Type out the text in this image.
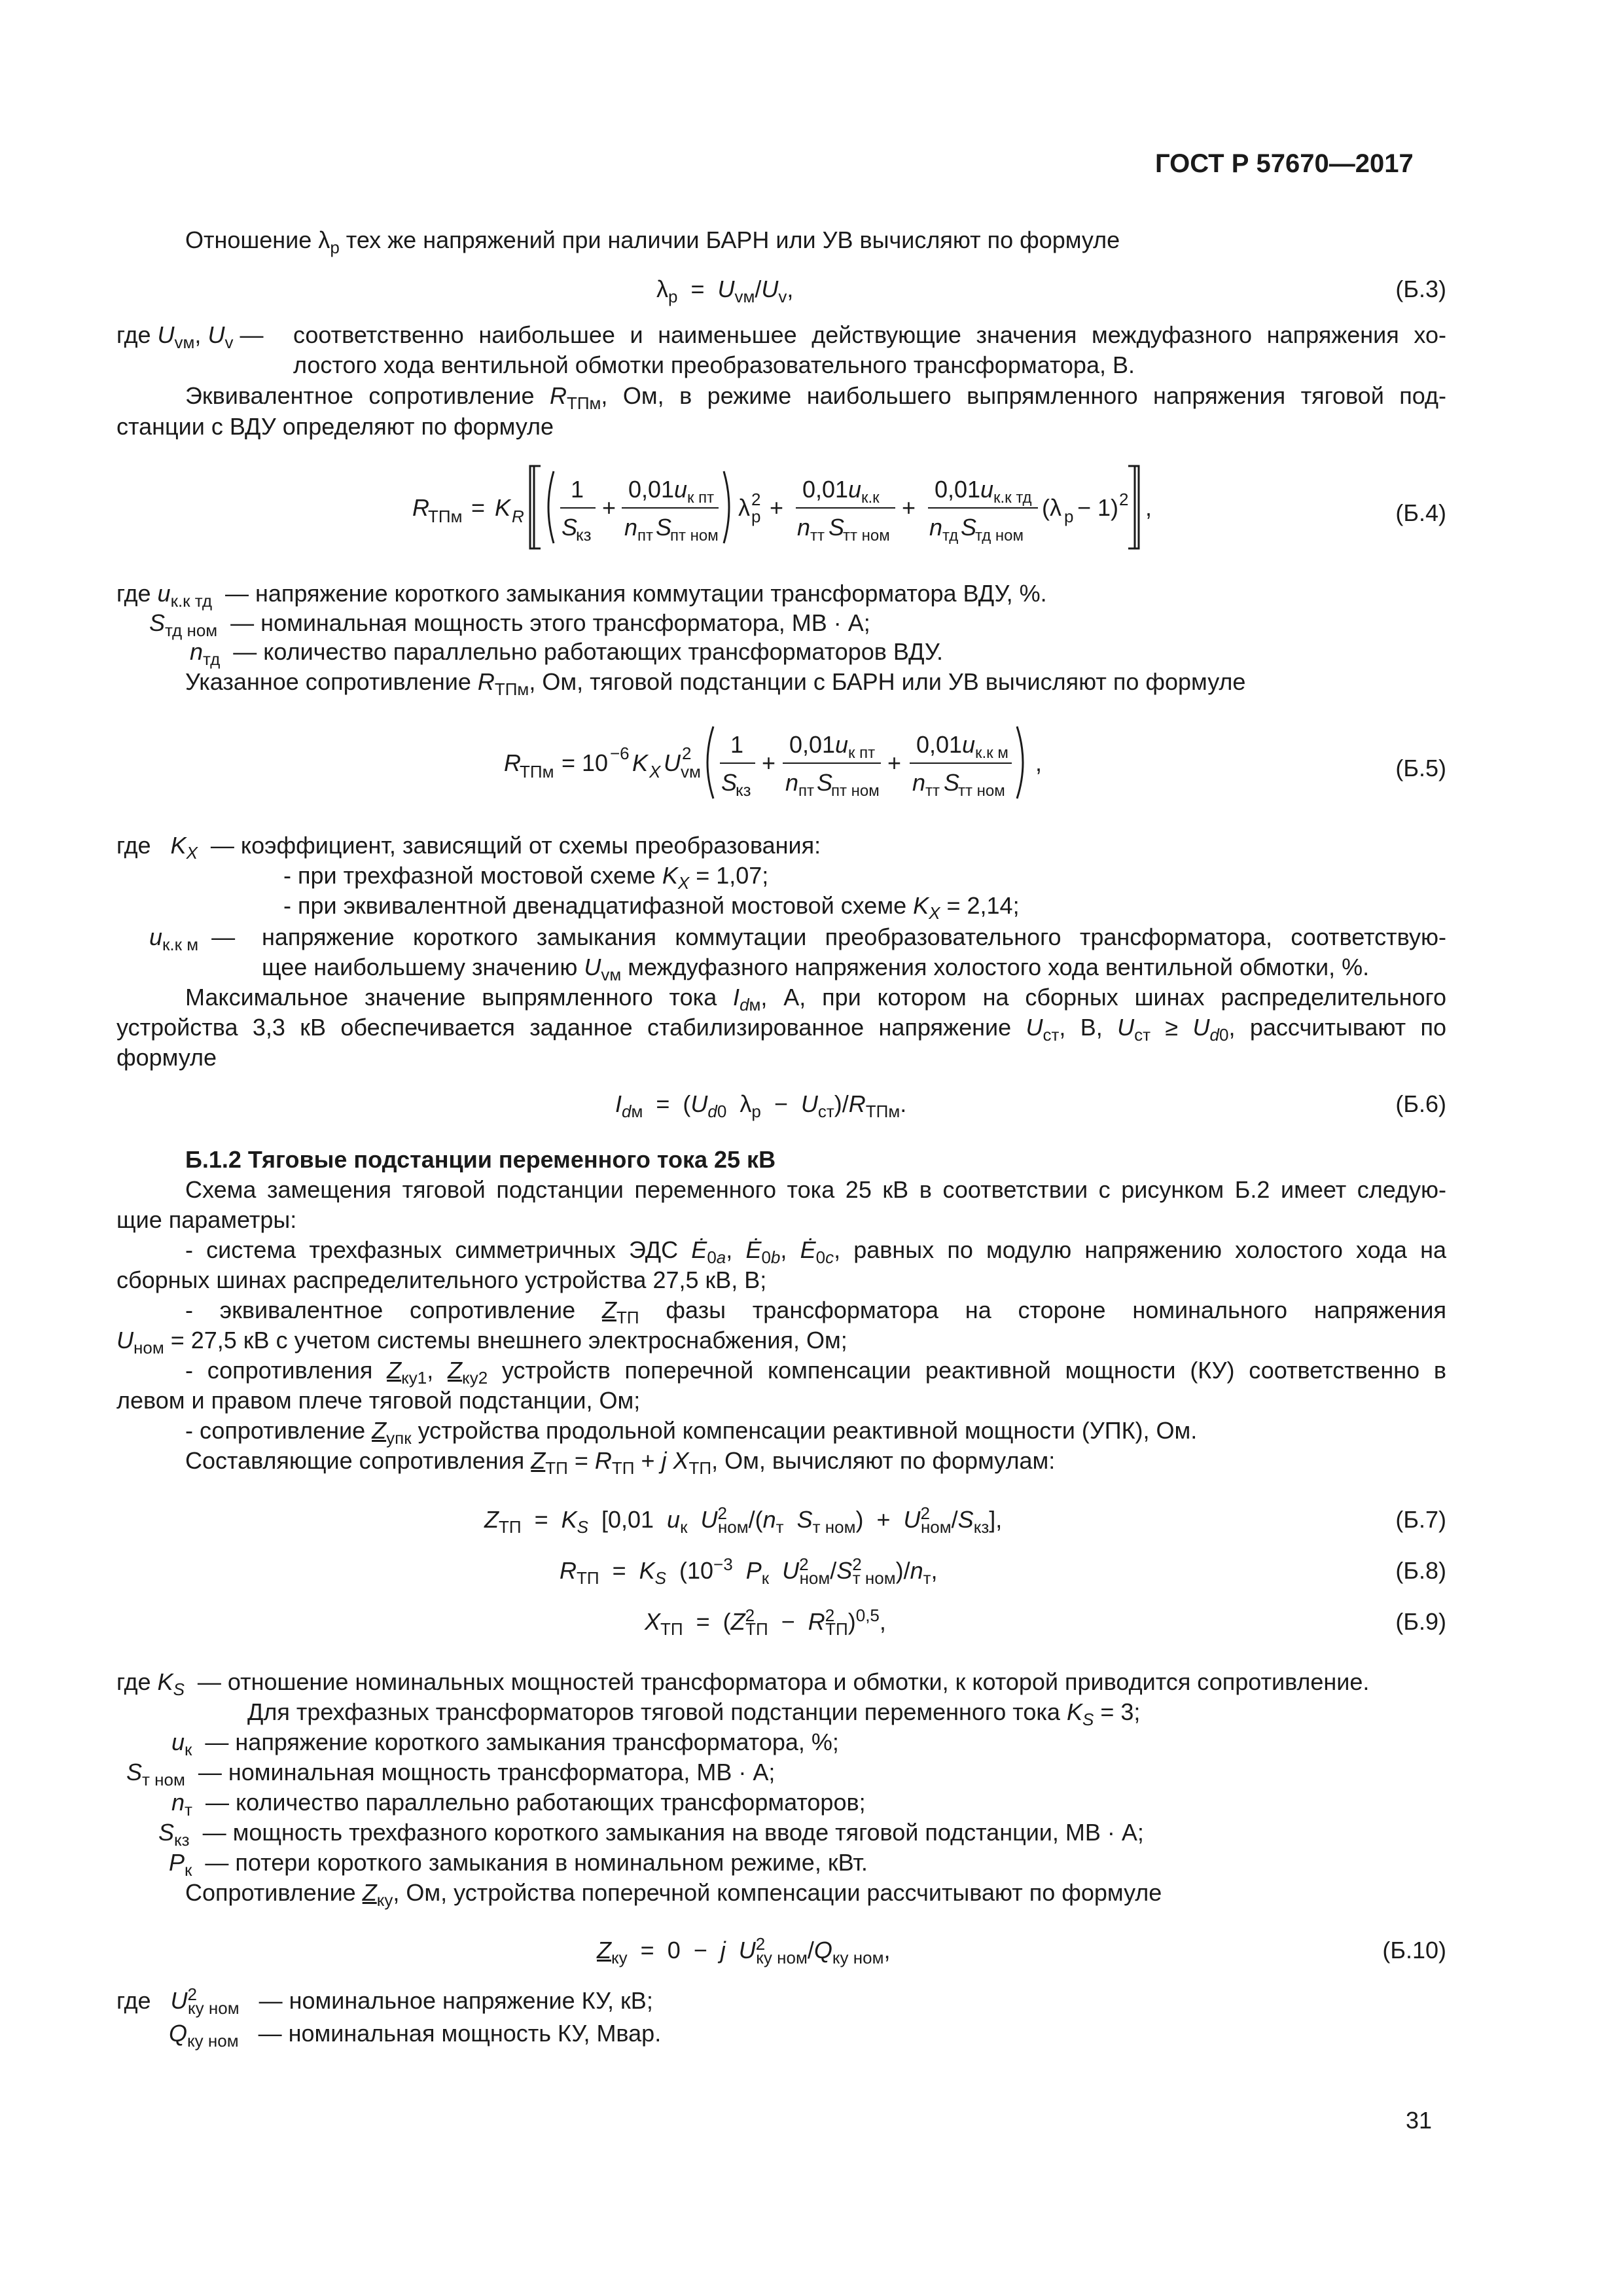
ГОСТ Р 57670—2017
Отношение $\lambda_р$ тех же напряжений при наличии БАРН или УВ вычисляют по формуле
$\lambda_р = U_{vм}/U_v$,	(Б.3)
где $U_{vм}$, $U_v$ — соответственно наибольшее и наименьшее действующие значения междуфазного напряжения хо-
лостого хода вентильной обмотки преобразовательного трансформатора, В.
Эквивалентное сопротивление $R_{ТПм}$, Ом, в режиме наибольшего выпрямленного напряжения тяговой под-
станции с ВДУ определяют по формуле
R
ТПм = K R
1
S
кз
+
0,01 u к пт
n пт S
пт ном
λ 2
р +
0,01 u к.к
n тт S
тт ном
+
0,01 u к.к тд
n тд S
тд ном
(λ р − 1) 2 ,	(Б.4)
где $u_{к.к тд}$  — напряжение короткого замыкания коммутации трансформатора ВДУ, %.
$S_{тд ном}$  — номинальная мощность этого трансформатора, МВ · А;
$n_{тд}$  — количество параллельно работающих трансформаторов ВДУ.
Указанное сопротивление $R_{ТПм}$, Ом, тяговой подстанции с БАРН или УВ вычисляют по формуле
R
ТПм = 10 −6 K X U 2
vм
1
S
кз
+
0,01 u к пт
n пт S
пт ном
+
0,01 u к.к м
n тт S
тт ном
,	(Б.5)
где   $K_X$  — коэффициент, зависящий от схемы преобразования:
- при трехфазной мостовой схеме $K_X = 1,07$;
- при эквивалентной двенадцатифазной мостовой схеме $K_X = 2,14$;
$u_{к.к м}$  — напряжение короткого замыкания коммутации преобразовательного трансформатора, соответствую-
щее наибольшему значению $U_{vм}$ междуфазного напряжения холостого хода вентильной обмотки, %.
Максимальное значение выпрямленного тока $I_{dм}$, А, при котором на сборных шинах распределительного
устройства 3,3 кВ обеспечивается заданное стабилизированное напряжение $U_{ст}$, В, $U_{ст} \ge U_{d0}$, рассчитывают по
формуле
$I_{dм} = (U_{d0}$  $\lambda_р - U_{ст})/R_{ТПм}$.	(Б.6)
Б.1.2 Тяговые подстанции переменного тока 25 кВ
Схема замещения тяговой подстанции переменного тока 25 кВ в соответствии с рисунком Б.2 имеет следую-
щие параметры:
- система трехфазных симметричных ЭДС $Ė_{0a}$, $Ė_{0b}$, $Ė_{0c}$, равных по модулю напряжению холостого хода на
сборных шинах распределительного устройства 27,5 кВ, В;
- эквивалентное сопротивление $Z_{ТП}$ фазы трансформатора на стороне номинального напряжения
$U_{ном} = 27,5$ кВ с учетом системы внешнего электроснабжения, Ом;
- сопротивления $Z_{ку1}$, $Z_{ку2}$ устройств поперечной компенсации реактивной мощности (КУ) соответственно в
левом и правом плече тяговой подстанции, Ом;
- сопротивление $Z_{упк}$ устройства продольной компенсации реактивной мощности (УПК), Ом.
Составляющие сопротивления $Z_{ТП} = R_{ТП} + j$ $X_{ТП}$, Ом, вычисляют по формулам:
$Z_{ТП} = K_S$  [0,01  $u_к$ $U^2_{ном}/(n_т$ $S_{т ном}) + U^2_{ном}/S_{кз}$],	(Б.7)
$R_{ТП} = K_S$  ($10^{-3}$ $P_к$ $U^2_{ном}/S^2_{т ном})/n_т$,	(Б.8)
$X_{ТП} = (Z^2_{ТП} - R^2_{ТП})^{0,5}$,	(Б.9)
где $K_S$  — отношение номинальных мощностей трансформатора и обмотки, к которой приводится сопротивление.
Для трехфазных трансформаторов тяговой подстанции переменного тока $K_S = 3$;
$u_к$  — напряжение короткого замыкания трансформатора, %;
$S_{т ном}$  — номинальная мощность трансформатора, МВ · А;
$n_т$  — количество параллельно работающих трансформаторов;
$S_{кз}$  — мощность трехфазного короткого замыкания на вводе тяговой подстанции, МВ · А;
$P_к$  — потери короткого замыкания в номинальном режиме, кВт.
Сопротивление $Z_{ку}$, Ом, устройства поперечной компенсации рассчитывают по формуле
$Z_{ку} = 0 - j$ $U^2_{ку ном}/Q_{ку ном}$,	(Б.10)
где   $U^2_{ку ном}$   — номинальное напряжение КУ, кВ;
$Q_{ку ном}$   — номинальная мощность КУ, Мвар.
31
